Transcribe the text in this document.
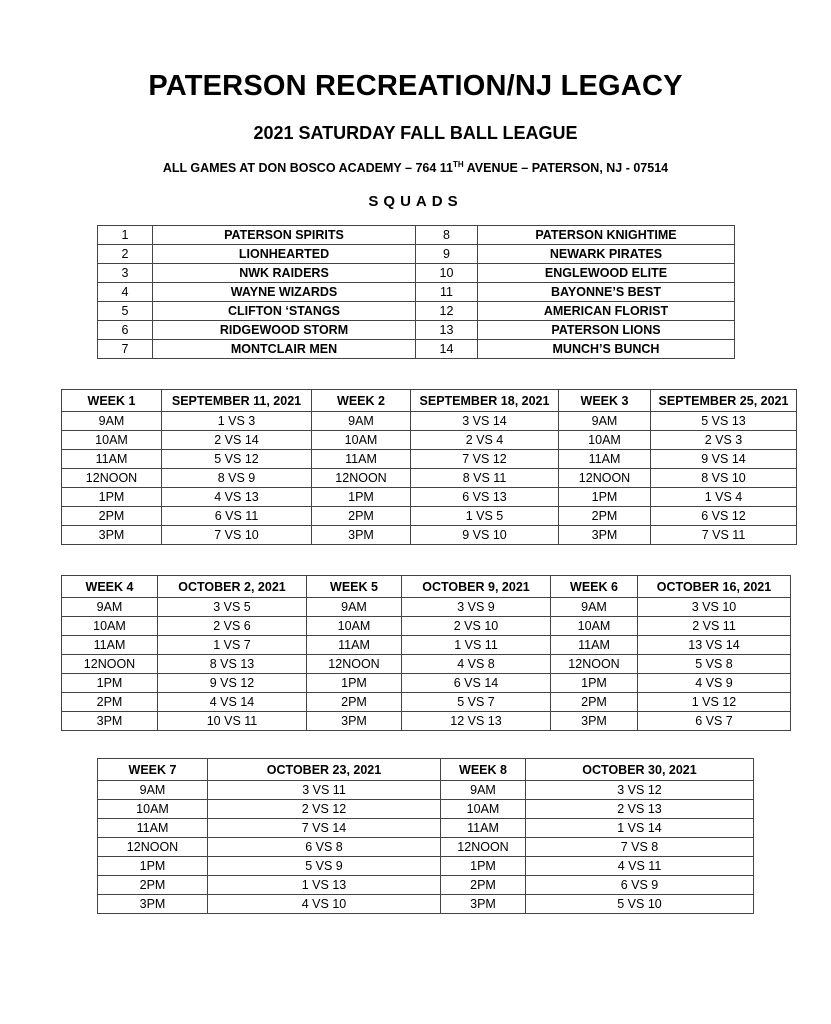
PATERSON RECREATION/NJ LEGACY
2021 SATURDAY FALL BALL LEAGUE
ALL GAMES AT DON BOSCO ACADEMY – 764 11TH AVENUE – PATERSON, NJ - 07514
SQUADS
1	PATERSON SPIRITS	8	PATERSON KNIGHTIME
2	LIONHEARTED	9	NEWARK PIRATES
3	NWK RAIDERS	10	ENGLEWOOD ELITE
4	WAYNE WIZARDS	11	BAYONNE’S BEST
5	CLIFTON ‘STANGS	12	AMERICAN FLORIST
6	RIDGEWOOD STORM	13	PATERSON LIONS
7	MONTCLAIR MEN	14	MUNCH’S BUNCH
WEEK 1	SEPTEMBER 11, 2021	WEEK 2	SEPTEMBER 18, 2021	WEEK 3	SEPTEMBER 25, 2021
9AM	1 VS 3	9AM	3 VS 14	9AM	5 VS 13
10AM	2 VS 14	10AM	2 VS 4	10AM	2 VS 3
11AM	5 VS 12	11AM	7 VS 12	11AM	9 VS 14
12NOON	8 VS 9	12NOON	8 VS 11	12NOON	8 VS 10
1PM	4 VS 13	1PM	6 VS 13	1PM	1 VS 4
2PM	6 VS 11	2PM	1 VS 5	2PM	6 VS 12
3PM	7 VS 10	3PM	9 VS 10	3PM	7 VS 11
WEEK 4	OCTOBER 2, 2021	WEEK 5	OCTOBER 9, 2021	WEEK 6	OCTOBER 16, 2021
9AM	3 VS 5	9AM	3 VS 9	9AM	3 VS 10
10AM	2 VS 6	10AM	2 VS 10	10AM	2 VS 11
11AM	1 VS 7	11AM	1 VS 11	11AM	13 VS 14
12NOON	8 VS 13	12NOON	4 VS 8	12NOON	5 VS 8
1PM	9 VS 12	1PM	6 VS 14	1PM	4 VS 9
2PM	4 VS 14	2PM	5 VS 7	2PM	1 VS 12
3PM	10 VS 11	3PM	12 VS 13	3PM	6 VS 7
WEEK 7	OCTOBER 23, 2021	WEEK 8	OCTOBER 30, 2021
9AM	3 VS 11	9AM	3 VS 12
10AM	2 VS 12	10AM	2 VS 13
11AM	7 VS 14	11AM	1 VS 14
12NOON	6 VS 8	12NOON	7 VS 8
1PM	5 VS 9	1PM	4 VS 11
2PM	1 VS 13	2PM	6 VS 9
3PM	4 VS 10	3PM	5 VS 10
